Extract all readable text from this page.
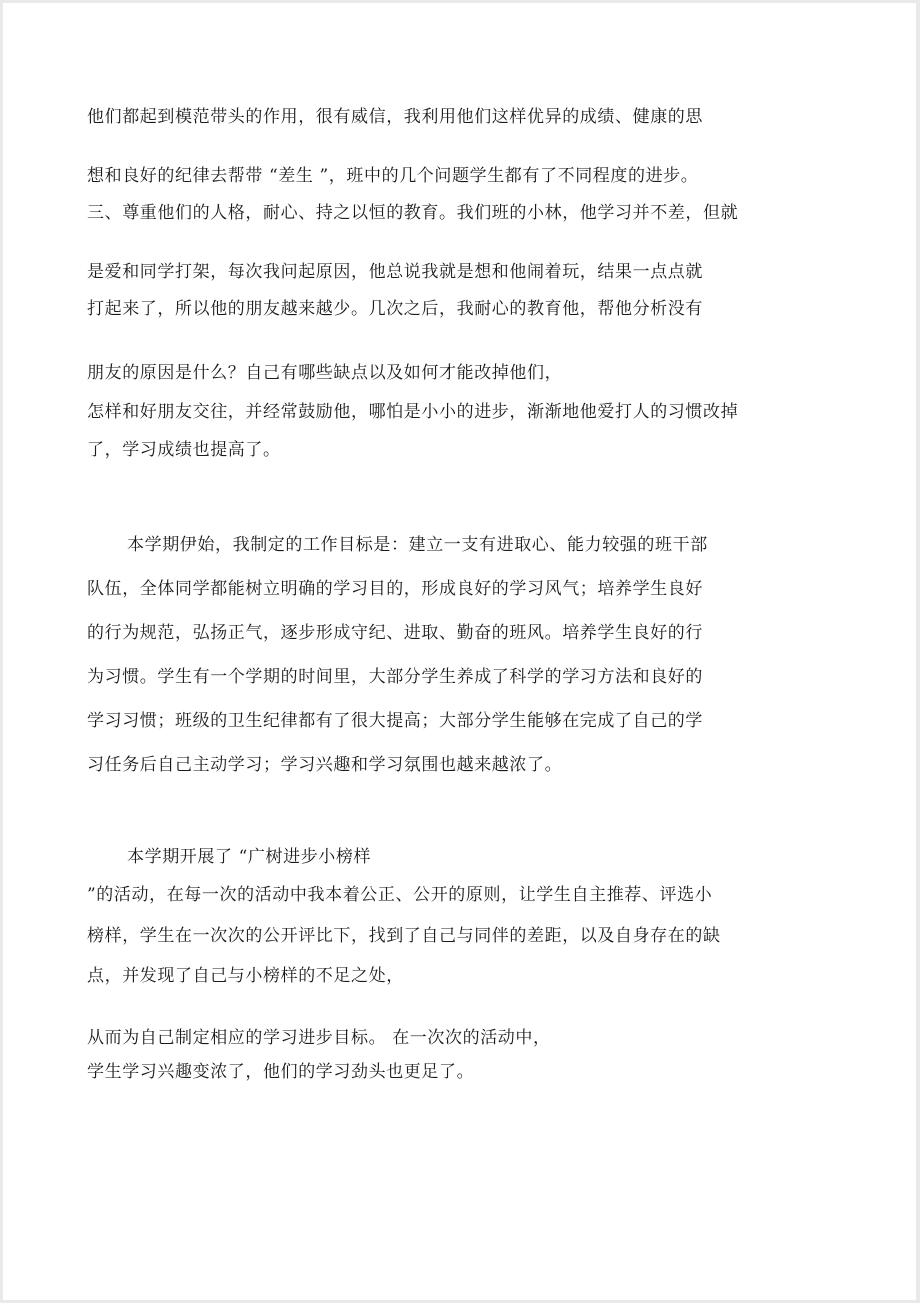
他们都起到模范带头的作用，很有威信，我利用他们这样优异的成绩、健康的思

想和良好的纪律去帮带 “差生 ”，班中的几个问题学生都有了不同程度的进步。

三、尊重他们的人格，耐心、持之以恒的教育。我们班的小林，他学习并不差，但就

是爱和同学打架，每次我问起原因，他总说我就是想和他闹着玩，结果一点点就

打起来了，所以他的朋友越来越少。几次之后，我耐心的教育他，帮他分析没有

朋友的原因是什么？自己有哪些缺点以及如何才能改掉他们，

怎样和好朋友交往，并经常鼓励他，哪怕是小小的进步，渐渐地他爱打人的习惯改掉

了，学习成绩也提高了。

本学期伊始，我制定的工作目标是：建立一支有进取心、能力较强的班干部

队伍，全体同学都能树立明确的学习目的，形成良好的学习风气；培养学生良好

的行为规范，弘扬正气，逐步形成守纪、进取、勤奋的班风。培养学生良好的行

为习惯。学生有一个学期的时间里，大部分学生养成了科学的学习方法和良好的

学习习惯；班级的卫生纪律都有了很大提高；大部分学生能够在完成了自己的学

习任务后自己主动学习；学习兴趣和学习氛围也越来越浓了。

本学期开展了 “广树进步小榜样

”的活动，在每一次的活动中我本着公正、公开的原则，让学生自主推荐、评选小

榜样，学生在一次次的公开评比下，找到了自己与同伴的差距，以及自身存在的缺

点，并发现了自己与小榜样的不足之处，

从而为自己制定相应的学习进步目标。 在一次次的活动中，

学生学习兴趣变浓了，他们的学习劲头也更足了。
